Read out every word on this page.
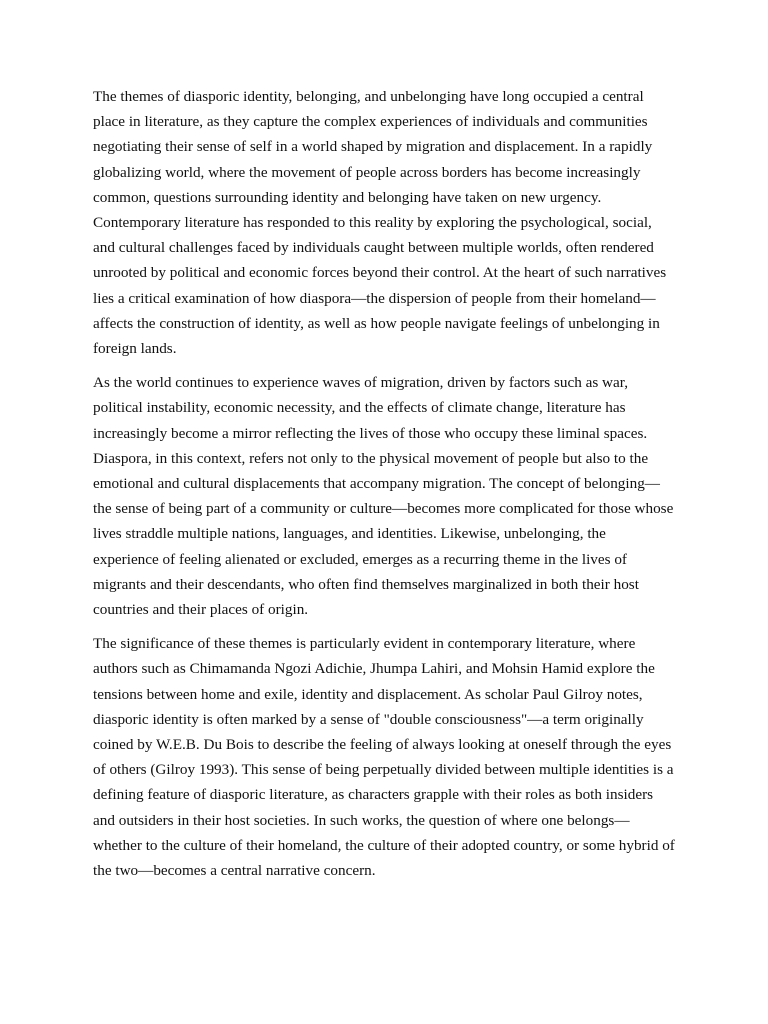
The themes of diasporic identity, belonging, and unbelonging have long occupied a central place in literature, as they capture the complex experiences of individuals and communities negotiating their sense of self in a world shaped by migration and displacement. In a rapidly globalizing world, where the movement of people across borders has become increasingly common, questions surrounding identity and belonging have taken on new urgency. Contemporary literature has responded to this reality by exploring the psychological, social, and cultural challenges faced by individuals caught between multiple worlds, often rendered unrooted by political and economic forces beyond their control. At the heart of such narratives lies a critical examination of how diaspora—the dispersion of people from their homeland—affects the construction of identity, as well as how people navigate feelings of unbelonging in foreign lands.

As the world continues to experience waves of migration, driven by factors such as war, political instability, economic necessity, and the effects of climate change, literature has increasingly become a mirror reflecting the lives of those who occupy these liminal spaces. Diaspora, in this context, refers not only to the physical movement of people but also to the emotional and cultural displacements that accompany migration. The concept of belonging—the sense of being part of a community or culture—becomes more complicated for those whose lives straddle multiple nations, languages, and identities. Likewise, unbelonging, the experience of feeling alienated or excluded, emerges as a recurring theme in the lives of migrants and their descendants, who often find themselves marginalized in both their host countries and their places of origin.

The significance of these themes is particularly evident in contemporary literature, where authors such as Chimamanda Ngozi Adichie, Jhumpa Lahiri, and Mohsin Hamid explore the tensions between home and exile, identity and displacement. As scholar Paul Gilroy notes, diasporic identity is often marked by a sense of "double consciousness"—a term originally coined by W.E.B. Du Bois to describe the feeling of always looking at oneself through the eyes of others (Gilroy 1993). This sense of being perpetually divided between multiple identities is a defining feature of diasporic literature, as characters grapple with their roles as both insiders and outsiders in their host societies. In such works, the question of where one belongs—whether to the culture of their homeland, the culture of their adopted country, or some hybrid of the two—becomes a central narrative concern.
